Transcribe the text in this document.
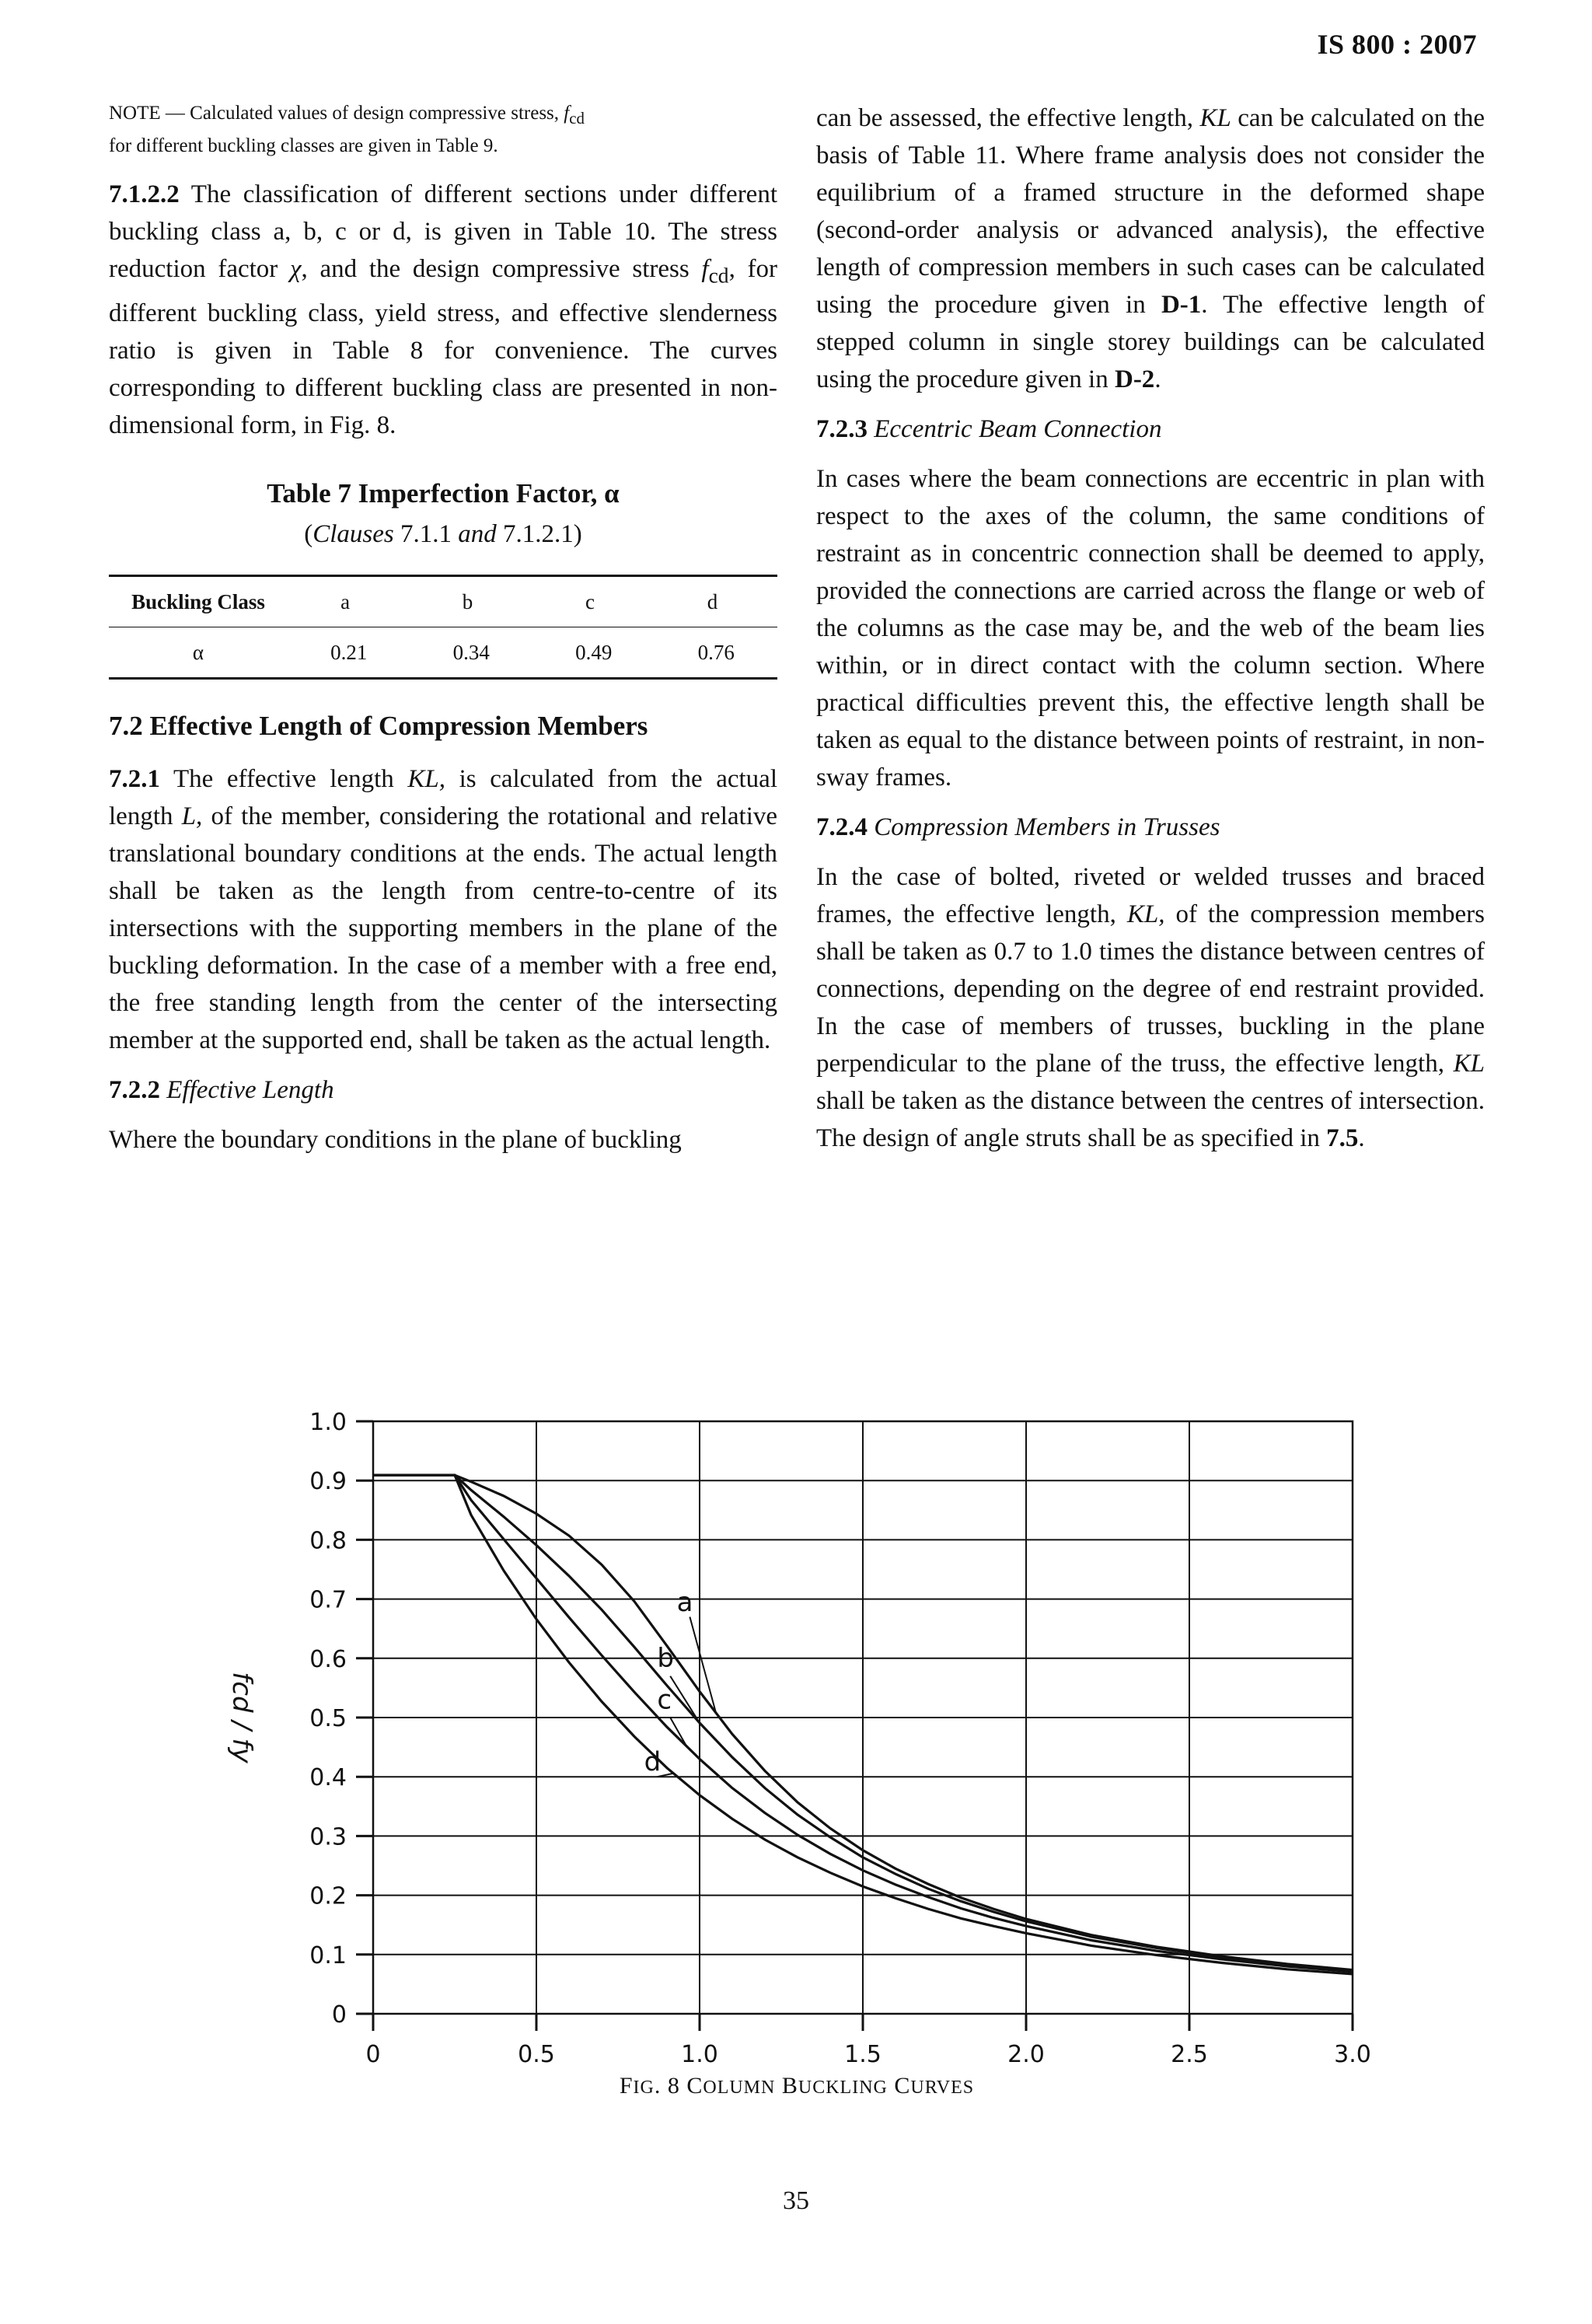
IS 800 : 2007

NOTE — Calculated values of design compressive stress, $f_{cd}$
for different buckling classes are given in Table 9.

7.1.2.2 The classification of different sections under different buckling class a, b, c or d, is given in Table 10. The stress reduction factor χ, and the design compressive stress $f_{cd}$, for different buckling class, yield stress, and effective slenderness ratio is given in Table 8 for convenience. The curves corresponding to different buckling class are presented in non-dimensional form, in Fig. 8.

Table 7 Imperfection Factor, α
(Clauses 7.1.1 and 7.1.2.1)
Buckling Class	a	b	c	d
α	0.21	0.34	0.49	0.76

7.2 Effective Length of Compression Members

7.2.1 The effective length KL, is calculated from the actual length L, of the member, considering the rotational and relative translational boundary conditions at the ends. The actual length shall be taken as the length from centre-to-centre of its intersections with the supporting members in the plane of the buckling deformation. In the case of a member with a free end, the free standing length from the center of the intersecting member at the supported end, shall be taken as the actual length.

7.2.2 Effective Length

Where the boundary conditions in the plane of buckling

can be assessed, the effective length, KL can be calculated on the basis of Table 11. Where frame analysis does not consider the equilibrium of a framed structure in the deformed shape (second-order analysis or advanced analysis), the effective length of compression members in such cases can be calculated using the procedure given in D-1. The effective length of stepped column in single storey buildings can be calculated using the procedure given in D-2.

7.2.3 Eccentric Beam Connection

In cases where the beam connections are eccentric in plan with respect to the axes of the column, the same conditions of restraint as in concentric connection shall be deemed to apply, provided the connections are carried across the flange or web of the columns as the case may be, and the web of the beam lies within, or in direct contact with the column section. Where practical difficulties prevent this, the effective length shall be taken as equal to the distance between points of restraint, in non-sway frames.

7.2.4 Compression Members in Trusses

In the case of bolted, riveted or welded trusses and braced frames, the effective length, KL, of the compression members shall be taken as 0.7 to 1.0 times the distance between centres of connections, depending on the degree of end restraint provided. In the case of members of trusses, buckling in the plane perpendicular to the plane of the truss, the effective length, KL shall be taken as the distance between the centres of intersection. The design of angle struts shall be as specified in 7.5.

0	0.5	1.0	1.5	2.0	2.5	3.0
0
0.1
0.2
0.3
0.4
0.5
0.6
0.7
0.8
0.9
1.0
fcd / fy
a
b
c
d
FIG. 8 COLUMN BUCKLING CURVES
35
